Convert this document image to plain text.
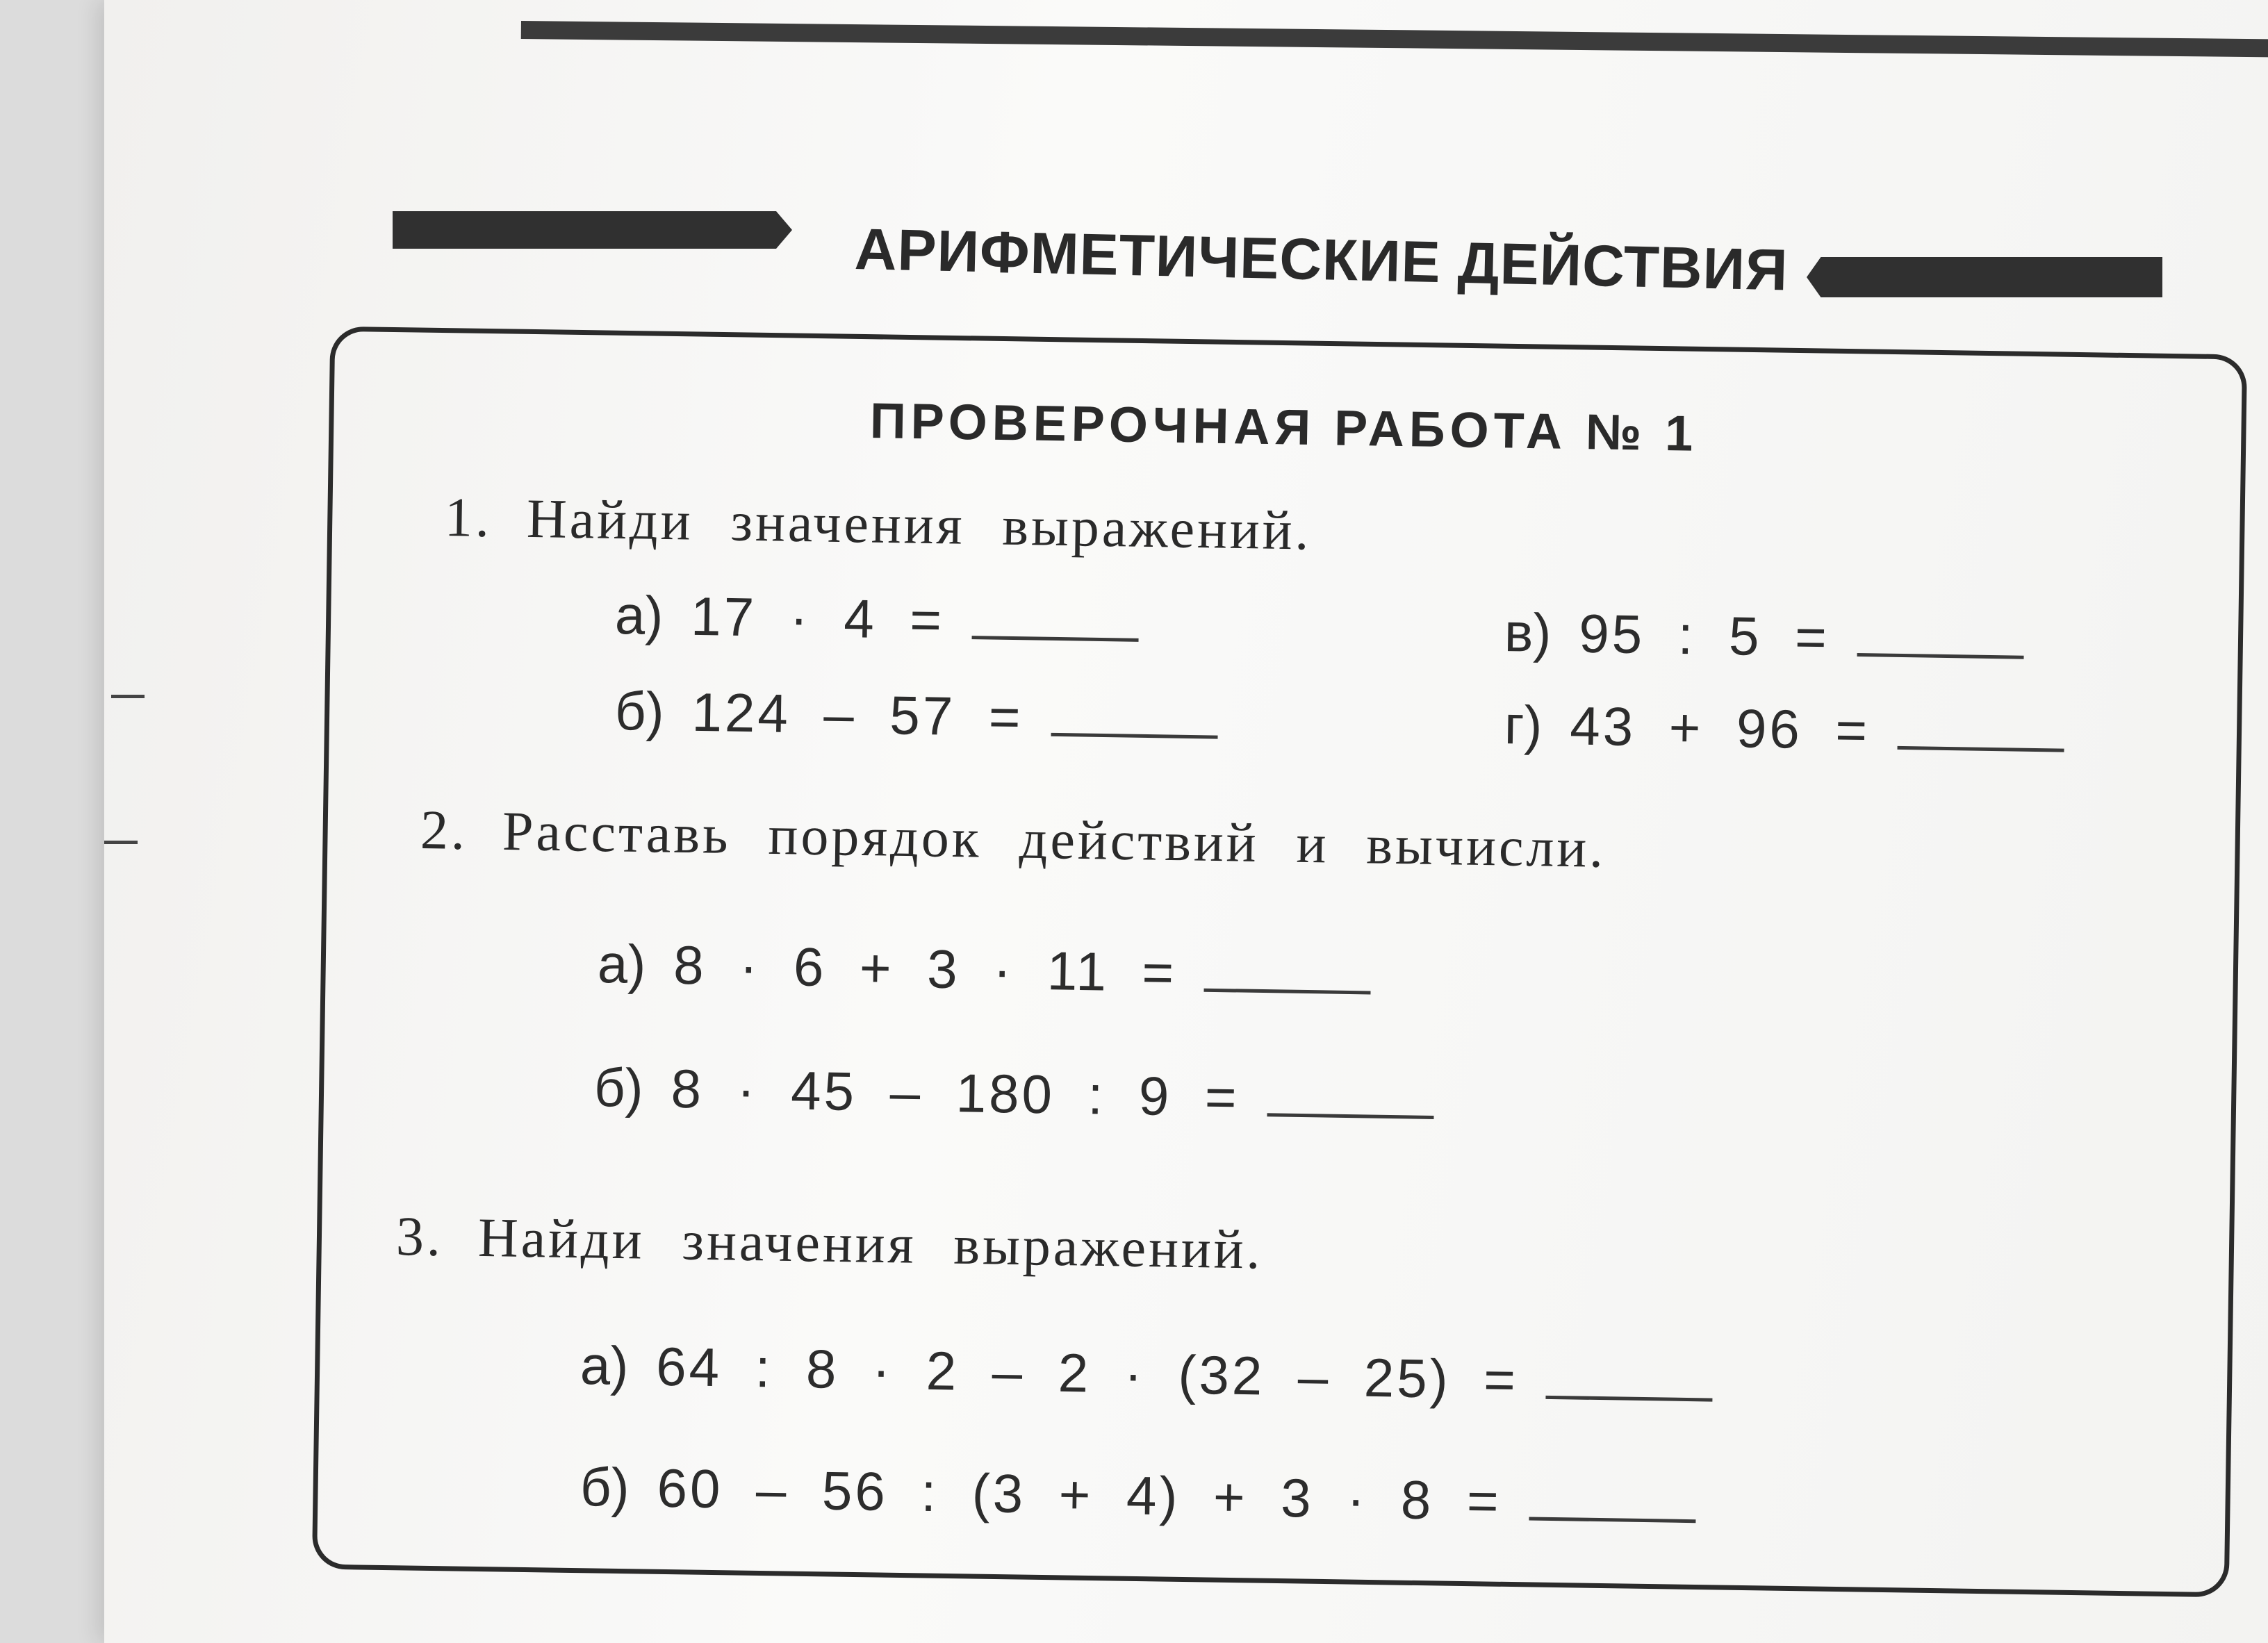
АРИФМЕТИЧЕСКИЕ ДЕЙСТВИЯ
ПРОВЕРОЧНАЯ РАБОТА № 1

1. Найди значения выражений.

а) 17 · 4 =
б) 124 – 57 =
в) 95 : 5 =
г) 43 + 96 =

2. Расставь порядок действий и вычисли.

а) 8 · 6 + 3 · 11 =
б) 8 · 45 – 180 : 9 =

3. Найди значения выражений.

а) 64 : 8 · 2 – 2 · (32 – 25) =
б) 60 – 56 : (3 + 4) + 3 · 8 =
